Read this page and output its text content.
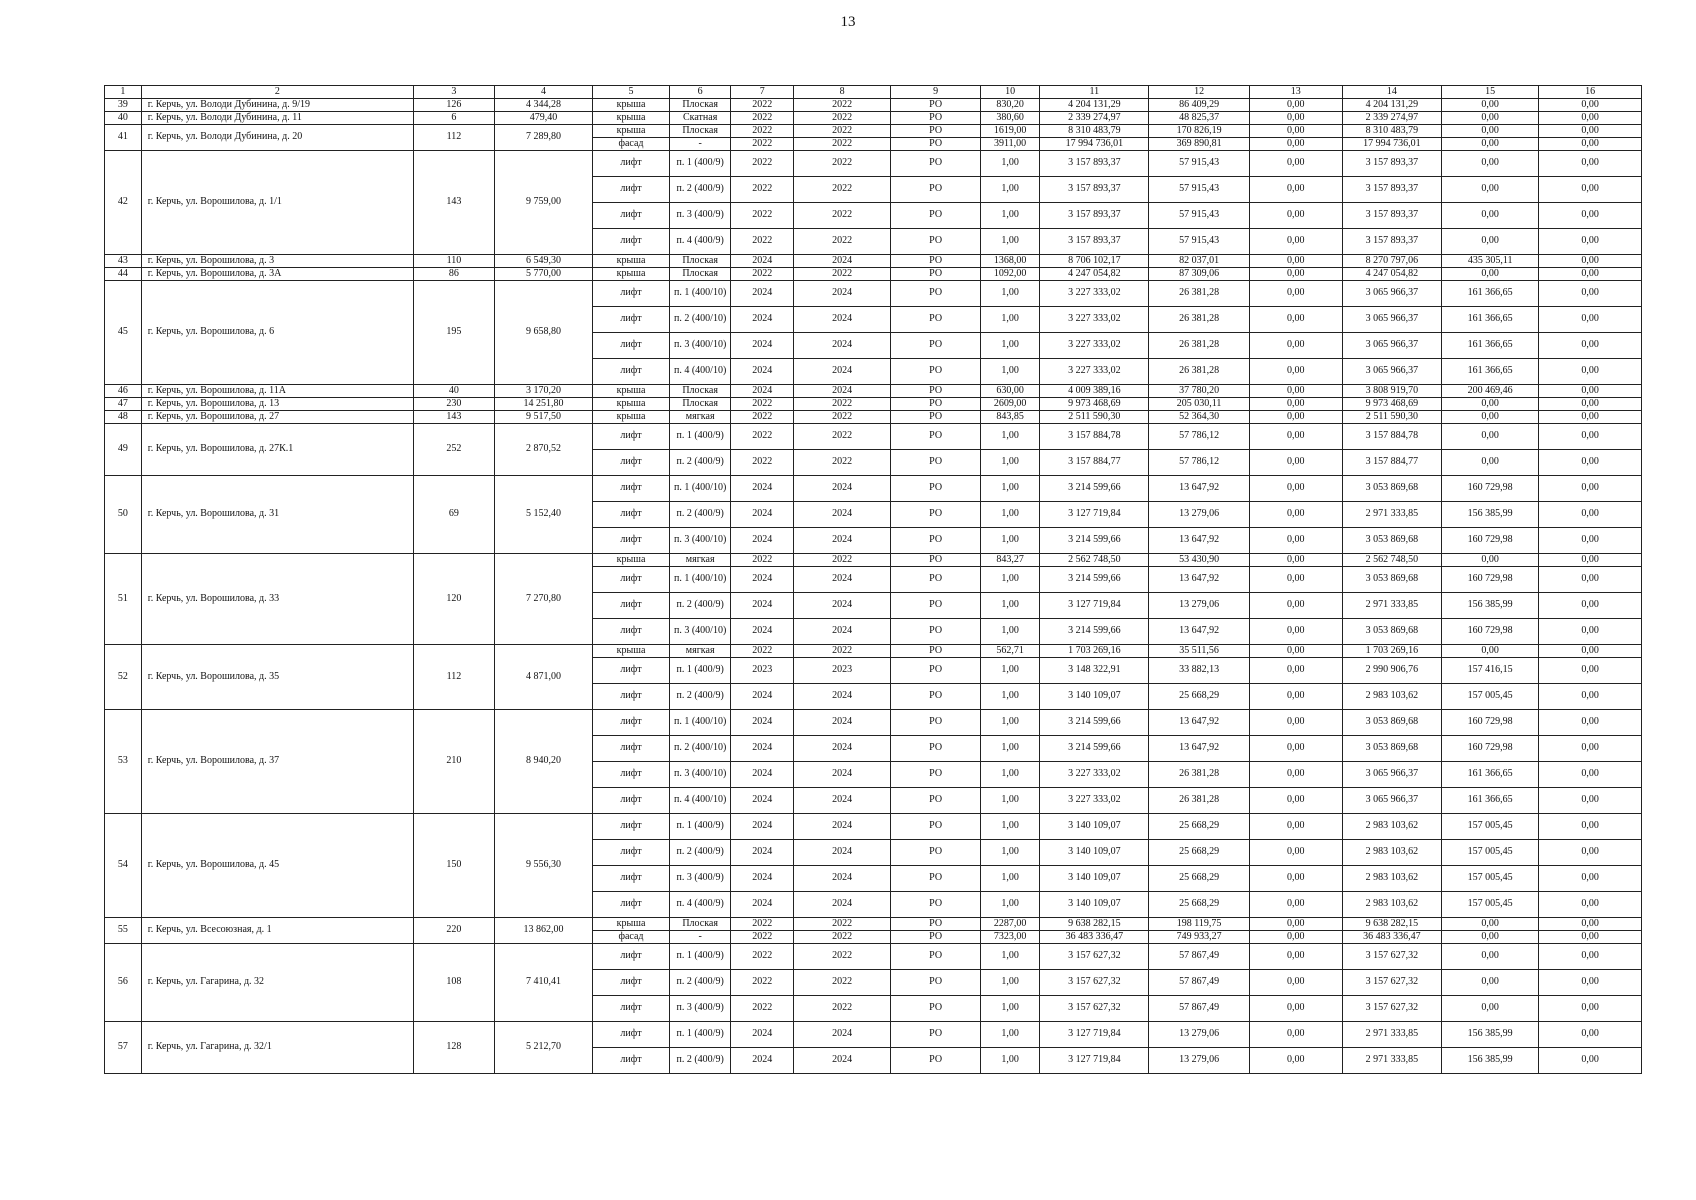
13
1	2	3	4	5	6	7	8	9	10	11	12	13	14	15	16
39	г. Керчь, ул. Володи Дубинина, д. 9/19	126	4 344,28	крыша	Плоская	2022	2022	РО	830,20	4 204 131,29	86 409,29	0,00	4 204 131,29	0,00	0,00
40	г. Керчь, ул. Володи Дубинина, д. 11	6	479,40	крыша	Скатная	2022	2022	РО	380,60	2 339 274,97	48 825,37	0,00	2 339 274,97	0,00	0,00
41	г. Керчь, ул. Володи Дубинина, д. 20	112	7 289,80	крыша	Плоская	2022	2022	РО	1619,00	8 310 483,79	170 826,19	0,00	8 310 483,79	0,00	0,00
				фасад	-	2022	2022	РО	3911,00	17 994 736,01	369 890,81	0,00	17 994 736,01	0,00	0,00
42	г. Керчь, ул. Ворошилова, д. 1/1	143	9 759,00	лифт	п. 1 (400/9)	2022	2022	РО	1,00	3 157 893,37	57 915,43	0,00	3 157 893,37	0,00	0,00
				лифт	п. 2 (400/9)	2022	2022	РО	1,00	3 157 893,37	57 915,43	0,00	3 157 893,37	0,00	0,00
				лифт	п. 3 (400/9)	2022	2022	РО	1,00	3 157 893,37	57 915,43	0,00	3 157 893,37	0,00	0,00
				лифт	п. 4 (400/9)	2022	2022	РО	1,00	3 157 893,37	57 915,43	0,00	3 157 893,37	0,00	0,00
43	г. Керчь, ул. Ворошилова, д. 3	110	6 549,30	крыша	Плоская	2024	2024	РО	1368,00	8 706 102,17	82 037,01	0,00	8 270 797,06	435 305,11	0,00
44	г. Керчь, ул. Ворошилова, д. 3А	86	5 770,00	крыша	Плоская	2022	2022	РО	1092,00	4 247 054,82	87 309,06	0,00	4 247 054,82	0,00	0,00
45	г. Керчь, ул. Ворошилова, д. 6	195	9 658,80	лифт	п. 1 (400/10)	2024	2024	РО	1,00	3 227 333,02	26 381,28	0,00	3 065 966,37	161 366,65	0,00
				лифт	п. 2 (400/10)	2024	2024	РО	1,00	3 227 333,02	26 381,28	0,00	3 065 966,37	161 366,65	0,00
				лифт	п. 3 (400/10)	2024	2024	РО	1,00	3 227 333,02	26 381,28	0,00	3 065 966,37	161 366,65	0,00
				лифт	п. 4 (400/10)	2024	2024	РО	1,00	3 227 333,02	26 381,28	0,00	3 065 966,37	161 366,65	0,00
46	г. Керчь, ул. Ворошилова, д. 11А	40	3 170,20	крыша	Плоская	2024	2024	РО	630,00	4 009 389,16	37 780,20	0,00	3 808 919,70	200 469,46	0,00
47	г. Керчь, ул. Ворошилова, д. 13	230	14 251,80	крыша	Плоская	2022	2022	РО	2609,00	9 973 468,69	205 030,11	0,00	9 973 468,69	0,00	0,00
48	г. Керчь, ул. Ворошилова, д. 27	143	9 517,50	крыша	мягкая	2022	2022	РО	843,85	2 511 590,30	52 364,30	0,00	2 511 590,30	0,00	0,00
49	г. Керчь, ул. Ворошилова, д. 27К.1	252	2 870,52	лифт	п. 1 (400/9)	2022	2022	РО	1,00	3 157 884,78	57 786,12	0,00	3 157 884,78	0,00	0,00
				лифт	п. 2 (400/9)	2022	2022	РО	1,00	3 157 884,77	57 786,12	0,00	3 157 884,77	0,00	0,00
50	г. Керчь, ул. Ворошилова, д. 31	69	5 152,40	лифт	п. 1 (400/10)	2024	2024	РО	1,00	3 214 599,66	13 647,92	0,00	3 053 869,68	160 729,98	0,00
				лифт	п. 2 (400/9)	2024	2024	РО	1,00	3 127 719,84	13 279,06	0,00	2 971 333,85	156 385,99	0,00
				лифт	п. 3 (400/10)	2024	2024	РО	1,00	3 214 599,66	13 647,92	0,00	3 053 869,68	160 729,98	0,00
51	г. Керчь, ул. Ворошилова, д. 33	120	7 270,80	крыша	мягкая	2022	2022	РО	843,27	2 562 748,50	53 430,90	0,00	2 562 748,50	0,00	0,00
				лифт	п. 1 (400/10)	2024	2024	РО	1,00	3 214 599,66	13 647,92	0,00	3 053 869,68	160 729,98	0,00
				лифт	п. 2 (400/9)	2024	2024	РО	1,00	3 127 719,84	13 279,06	0,00	2 971 333,85	156 385,99	0,00
				лифт	п. 3 (400/10)	2024	2024	РО	1,00	3 214 599,66	13 647,92	0,00	3 053 869,68	160 729,98	0,00
52	г. Керчь, ул. Ворошилова, д. 35	112	4 871,00	крыша	мягкая	2022	2022	РО	562,71	1 703 269,16	35 511,56	0,00	1 703 269,16	0,00	0,00
				лифт	п. 1 (400/9)	2023	2023	РО	1,00	3 148 322,91	33 882,13	0,00	2 990 906,76	157 416,15	0,00
				лифт	п. 2 (400/9)	2024	2024	РО	1,00	3 140 109,07	25 668,29	0,00	2 983 103,62	157 005,45	0,00
53	г. Керчь, ул. Ворошилова, д. 37	210	8 940,20	лифт	п. 1 (400/10)	2024	2024	РО	1,00	3 214 599,66	13 647,92	0,00	3 053 869,68	160 729,98	0,00
				лифт	п. 2 (400/10)	2024	2024	РО	1,00	3 214 599,66	13 647,92	0,00	3 053 869,68	160 729,98	0,00
				лифт	п. 3 (400/10)	2024	2024	РО	1,00	3 227 333,02	26 381,28	0,00	3 065 966,37	161 366,65	0,00
				лифт	п. 4 (400/10)	2024	2024	РО	1,00	3 227 333,02	26 381,28	0,00	3 065 966,37	161 366,65	0,00
54	г. Керчь, ул. Ворошилова, д. 45	150	9 556,30	лифт	п. 1 (400/9)	2024	2024	РО	1,00	3 140 109,07	25 668,29	0,00	2 983 103,62	157 005,45	0,00
				лифт	п. 2 (400/9)	2024	2024	РО	1,00	3 140 109,07	25 668,29	0,00	2 983 103,62	157 005,45	0,00
				лифт	п. 3 (400/9)	2024	2024	РО	1,00	3 140 109,07	25 668,29	0,00	2 983 103,62	157 005,45	0,00
				лифт	п. 4 (400/9)	2024	2024	РО	1,00	3 140 109,07	25 668,29	0,00	2 983 103,62	157 005,45	0,00
55	г. Керчь, ул. Всесоюзная, д. 1	220	13 862,00	крыша	Плоская	2022	2022	РО	2287,00	9 638 282,15	198 119,75	0,00	9 638 282,15	0,00	0,00
				фасад	-	2022	2022	РО	7323,00	36 483 336,47	749 933,27	0,00	36 483 336,47	0,00	0,00
56	г. Керчь, ул. Гагарина, д. 32	108	7 410,41	лифт	п. 1 (400/9)	2022	2022	РО	1,00	3 157 627,32	57 867,49	0,00	3 157 627,32	0,00	0,00
				лифт	п. 2 (400/9)	2022	2022	РО	1,00	3 157 627,32	57 867,49	0,00	3 157 627,32	0,00	0,00
				лифт	п. 3 (400/9)	2022	2022	РО	1,00	3 157 627,32	57 867,49	0,00	3 157 627,32	0,00	0,00
57	г. Керчь, ул. Гагарина, д. 32/1	128	5 212,70	лифт	п. 1 (400/9)	2024	2024	РО	1,00	3 127 719,84	13 279,06	0,00	2 971 333,85	156 385,99	0,00
				лифт	п. 2 (400/9)	2024	2024	РО	1,00	3 127 719,84	13 279,06	0,00	2 971 333,85	156 385,99	0,00
